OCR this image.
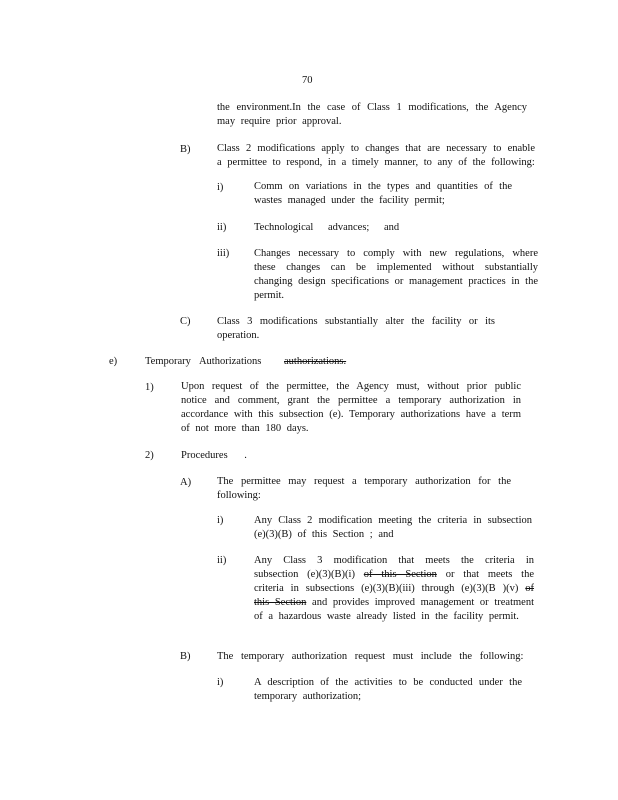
70
the environment.In the case of Class 1 modifications, the Agency may require prior approval.
B)	Class 2 modifications apply to changes that are necessary to enable a permittee to respond, in a timely manner, to any of the following:
i)	Comm on variations in the types and quantities of the wastes managed under the facility permit;
ii)	Technological advances; and
iii) Changes necessary to comply with new regulations, where these changes can be implemented without substantially changing design specifications or management practices in the permit.
C)	Class 3 modifications substantially alter the facility or its operation.
e)	Temporary Authorizations authorizations.
1)	Upon request of the permittee, the Agency must, without prior public notice and comment, grant the permittee a temporary authorization in accordance with this subsection (e). Temporary authorizations have a term of not more than 180 days.
2)	Procedures .
A) The permittee may request a temporary authorization for the following:
i)	Any Class 2 modification meeting the criteria in subsection (e)(3)(B) of this Section ; and
ii)	Any Class 3 modification that meets the criteria in subsection (e)(3)(B)(i) of this Section or that meets the criteria in subsections (e)(3)(B)(iii) through (e)(3)(B )(v) of this Section and provides improved management or treatment of a hazardous waste already listed in the facility permit.
B)	The temporary authorization request must include the following:
i)	A description of the activities to be conducted under the temporary authorization;
